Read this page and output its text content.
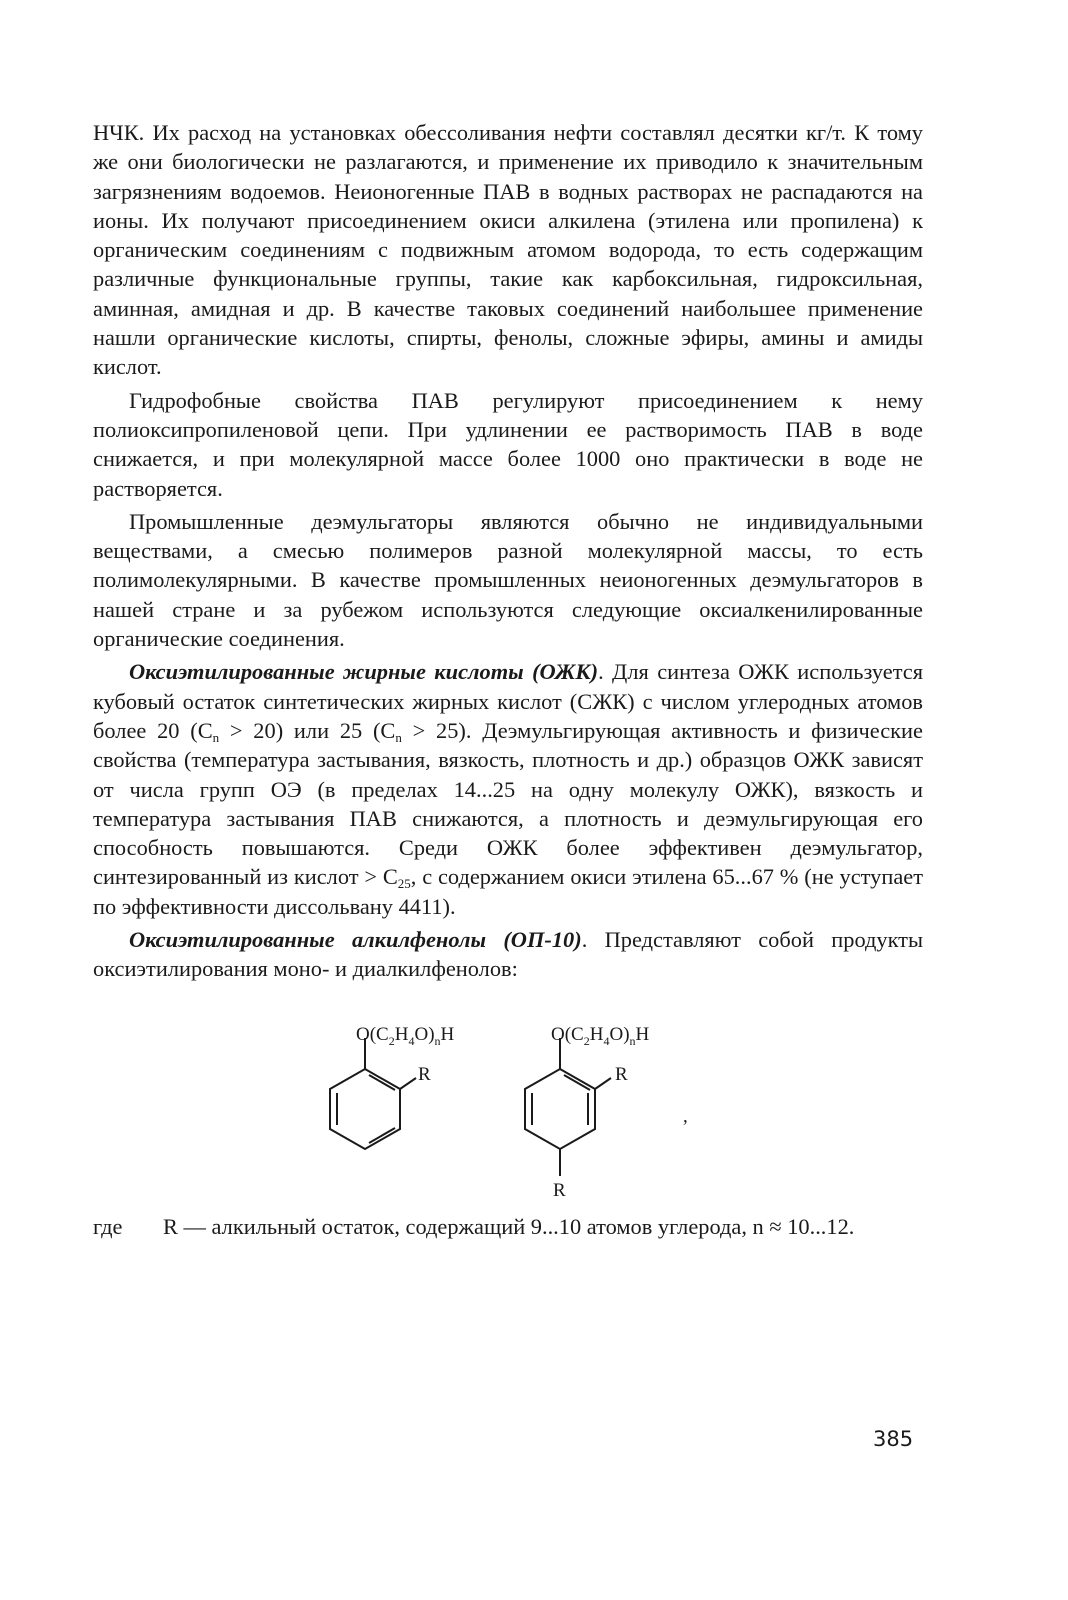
НЧК. Их расход на установках обессоливания нефти составлял десятки кг/т. К тому же они биологически не разлагаются, и применение их приводило к значительным загрязнениям водоемов. Неионогенные ПАВ в водных растворах не распадаются на ионы. Их получают присоединением окиси алкилена (этилена или пропилена) к органическим соединениям с подвижным атомом водорода, то есть содержащим различные функциональные группы, такие как карбоксильная, гидроксильная, аминная, амидная и др. В качестве таковых соединений наибольшее применение нашли органические кислоты, спирты, фенолы, сложные эфиры, амины и амиды кислот.

Гидрофобные свойства ПАВ регулируют присоединением к нему полиоксипропиленовой цепи. При удлинении ее растворимость ПАВ в воде снижается, и при молекулярной массе более 1000 оно практически в воде не растворяется.

Промышленные деэмульгаторы являются обычно не индивидуальными веществами, а смесью полимеров разной молекулярной массы, то есть полимолекулярными. В качестве промышленных неионогенных деэмульгаторов в нашей стране и за рубежом используются следующие оксиалкенилированные органические соединения.

Оксиэтилированные жирные кислоты (ОЖК). Для синтеза ОЖК используется кубовый остаток синтетических жирных кислот (СЖК) с числом углеродных атомов более 20 $(C_n > 20)$ или 25 $(C_n > 25)$. Деэмульгирующая активность и физические свойства (температура застывания, вязкость, плотность и др.) образцов ОЖК зависят от числа групп ОЭ (в пределах 14...25 на одну молекулу ОЖК), вязкость и температура застывания ПАВ снижаются, а плотность и деэмульгирующая его способность повышаются. Среди ОЖК более эффективен деэмульгатор, синтезированный из кислот > $C_{25}$, с содержанием окиси этилена 65...67 % (не уступает по эффективности диссольвану 4411).

Оксиэтилированные алкилфенолы (ОП-10). Представляют собой продукты оксиэтилирования моно- и диалкилфенолов:

$O(C_2H_4O)_nH$
R
$O(C_2H_4O)_nH$
R
R
,
где R — алкильный остаток, содержащий 9...10 атомов углерода, n ≈ 10...12.
385
